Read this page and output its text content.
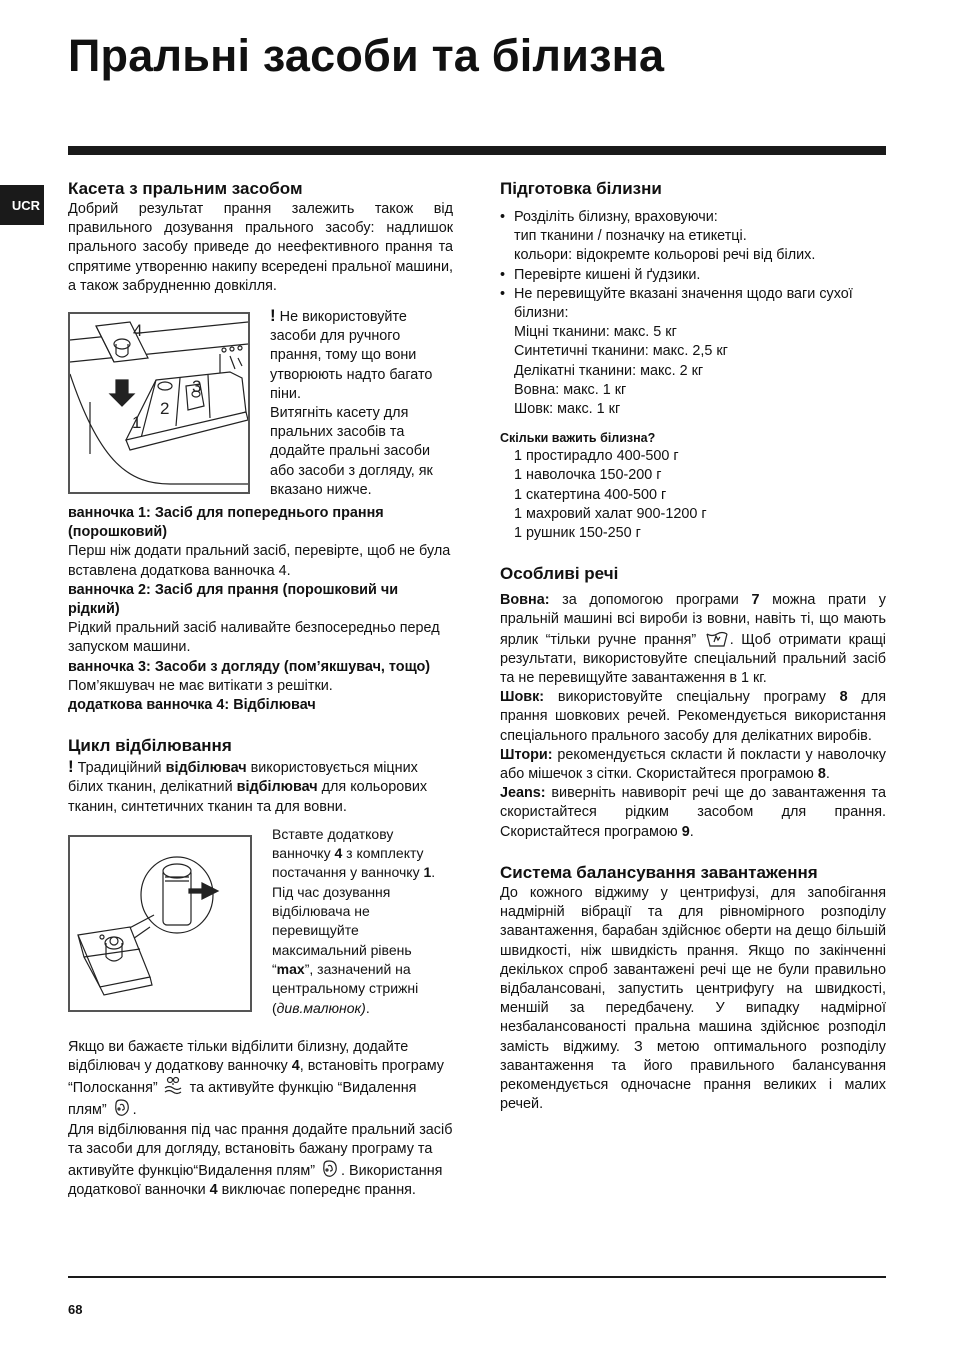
Пральні засоби та білизна
UCR
Касета з пральним засобом

Добрий результат прання залежить також від правильного дозування прального засобу: надлишок прального засобу приведе до неефективного прання та спрятиме утворенню накипу всередені пральної машини, а також забрудненню довкілля.

4
3
2
1

! Не використовуйте засоби для ручного прання, тому що вони утворюють надто багато піни.

Витягніть касету для пральних засобів та додайте пральні засоби або засоби з догляду, як вказано нижче.

ванночка 1: Засіб для попереднього прання (порошковий)

Перш ніж додати пральний засіб, перевірте, щоб не була вставлена додаткова ванночка 4.

ванночка 2: Засіб для прання (порошковий чи рідкий)

Рідкий пральний засіб наливайте безпосередньо перед запуском машини.

ванночка 3: Засоби з догляду (пом’якшувач, тощо)

Пом’якшувач не має витікати з решітки.

додаткова ванночка 4: Відбілювач

Цикл відбілювання

! Традиційний відбілювач використовується міцних білих тканин, делікатний відбілювач для кольорових тканин, синтетичних тканин та для вовни.

Вставте додаткову ванночку 4 з комплекту постачання у ванночку 1. Під час дозування відбілювача не перевищуйте максимальний рівень “max”, зазначений на центральному стрижні (див.малюнок).

Якщо ви бажаєте тільки відбілити білизну, додайте відбілювач у додаткову ванночку 4, встановіть програму “Полоскання”  та активуйте функцію “Видалення плям” .

Для відбілювання під час прання додайте пральний засіб та засоби для догляду, встановіть бажану програму та активуйте функцію“Видалення плям” . Використання додаткової ванночки 4 виключає попереднє прання.

Підготовка білизни
• Розділіть білизну, враховуючи:
тип тканини / позначку на етикетці.
кольори: відокремте кольорові речі від білих.
• Перевірте кишені й ґудзики.
• Не перевищуйте вказані значення щодо ваги сухої білизни:
Міцні тканини: макс. 5 кг
Синтетичні тканини: макс. 2,5 кг
Делікатні тканини: макс. 2 кг
Вовна: макс. 1 кг
Шовк: макс. 1 кг
Скільки важить білизна?
1 простирадло 400-500 г
1 наволочка 150-200 г
1 скатертина 400-500 г
1 махровий халат 900-1200 г
1 рушник 150-250 г
Особливі речі

Вовна: за допомогою програми 7 можна прати у пральній машині всі вироби із вовни, навіть ті, що мають ярлик “тільки ручне прання” . Щоб отримати кращі результати, використовуйте спеціальний пральний засіб та не перевищуйте завантаження в 1 кг.

Шовк: використовуйте спеціальну програму 8 для прання шовкових речей. Рекомендується використання спеціального прального засобу для делікатних виробів.

Штори: рекомендується скласти й покласти у наволочку або мішечок з сітки. Скористайтеся програмою 8.

Jeans: виверніть навиворіт речі ще до завантаження та скористайтеся рідким засобом для прання. Скористайтеся програмою 9.

Система балансування завантаження

До кожного віджиму у центрифузі, для запобігання надмірній вібрації та для рівномірного розподілу завантаження, барабан здійснює оберти на дещо більшій швидкості, ніж швидкість прання. Якщо по закінченні декількох спроб завантажені речі ще не були правильно відбалансовані, запустить центрифугу на швидкості, меншій за передбачену. У випадку надмірної незбалансованості пральна машина здійснює розподіл замість віджиму. З метою оптимального розподілу завантаження та його правильного балансування рекомендується одночасне прання великих і малих речей.

68
